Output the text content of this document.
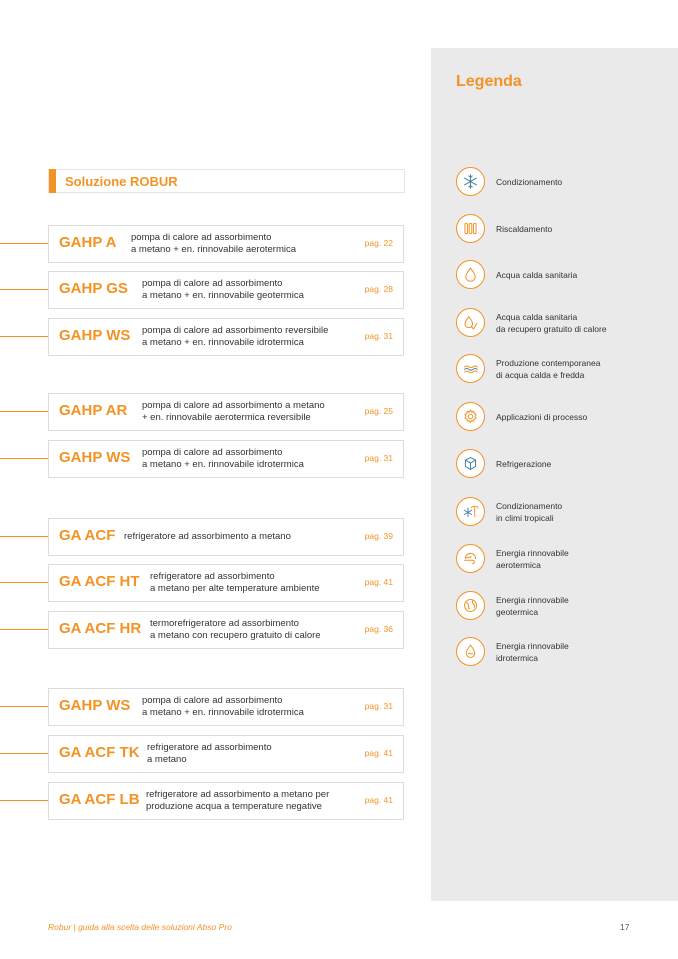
Legenda
Soluzione ROBUR
GAHP A pompa di calore ad assorbimento
a metano + en. rinnovabile aerotermica
pag. 22
GAHP GS pompa di calore ad assorbimento
a metano + en. rinnovabile geotermica
pag. 28
GAHP WS pompa di calore ad assorbimento reversibile
a metano + en. rinnovabile idrotermica
pag. 31
GAHP AR pompa di calore ad assorbimento a metano
+ en. rinnovabile aerotermica reversibile
pag. 25
GAHP WS pompa di calore ad assorbimento
a metano + en. rinnovabile idrotermica
pag. 31
GA ACF refrigeratore ad assorbimento a metano	pag. 39
GA ACF HT refrigeratore ad assorbimento
a metano per alte temperature ambiente
pag. 41
GA ACF HR termorefrigeratore ad assorbimento
a metano con recupero gratuito di calore
pag. 36
GAHP WS pompa di calore ad assorbimento
a metano + en. rinnovabile idrotermica
pag. 31
GA ACF TK refrigeratore ad assorbimento
a metano
pag. 41
GA ACF LB refrigeratore ad assorbimento a metano per
produzione acqua a temperature negative
pag. 41
Condizionamento
Riscaldamento
Acqua calda sanitaria
Acqua calda sanitaria
da recupero gratuito di calore
Produzione contemporanea
di acqua calda e fredda
Applicazioni di processo
Refrigerazione
Condizionamento
in climi tropicali
Energia rinnovabile
aerotermica
Energia rinnovabile
geotermica
Energia rinnovabile
idrotermica
Robur | guida alla scelta delle soluzioni Abso Pro	17
